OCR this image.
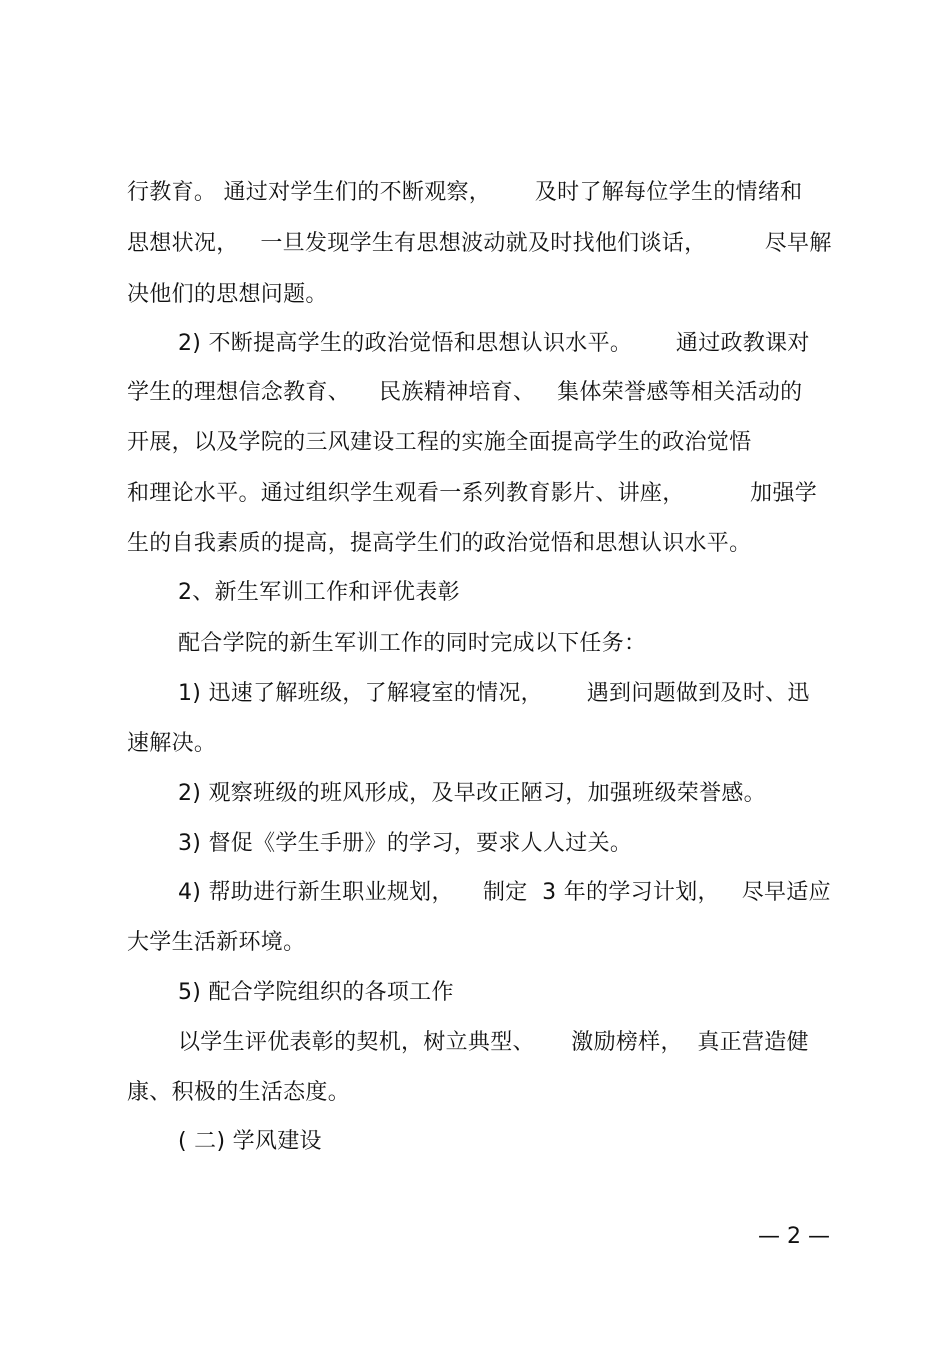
行教育。 通过对学生们的不断观察，      及时了解每位学生的情绪和
思想状况，   一旦发现学生有思想波动就及时找他们谈话，        尽早解
决他们的思想问题。
2) 不断提高学生的政治觉悟和思想认识水平。      通过政教课对
学生的理想信念教育、    民族精神培育、   集体荣誉感等相关活动的
开展，以及学院的三风建设工程的实施全面提高学生的政治觉悟
和理论水平。通过组织学生观看一系列教育影片、讲座，         加强学
生的自我素质的提高，提高学生们的政治觉悟和思想认识水平。
2、新生军训工作和评优表彰
配合学院的新生军训工作的同时完成以下任务：
1) 迅速了解班级，了解寝室的情况，      遇到问题做到及时、迅
速解决。
2) 观察班级的班风形成，及早改正陋习，加强班级荣誉感。
3) 督促《学生手册》的学习，要求人人过关。
4) 帮助进行新生职业规划，    制定  3 年的学习计划，   尽早适应
大学生活新环境。
5) 配合学院组织的各项工作
以学生评优表彰的契机，树立典型、     激励榜样，  真正营造健
康、积极的生活态度。
( 二) 学风建设
— 2 —
